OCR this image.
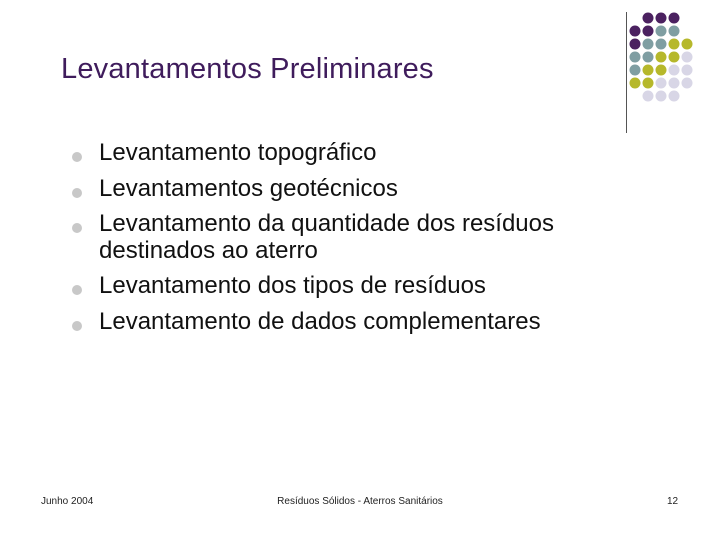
Levantamentos Preliminares
Levantamento topográfico
Levantamentos geotécnicos
Levantamento da quantidade dos resíduos destinados ao aterro
Levantamento dos tipos de resíduos
Levantamento de dados complementares
Junho 2004	Resíduos Sólidos - Aterros Sanitários	12
